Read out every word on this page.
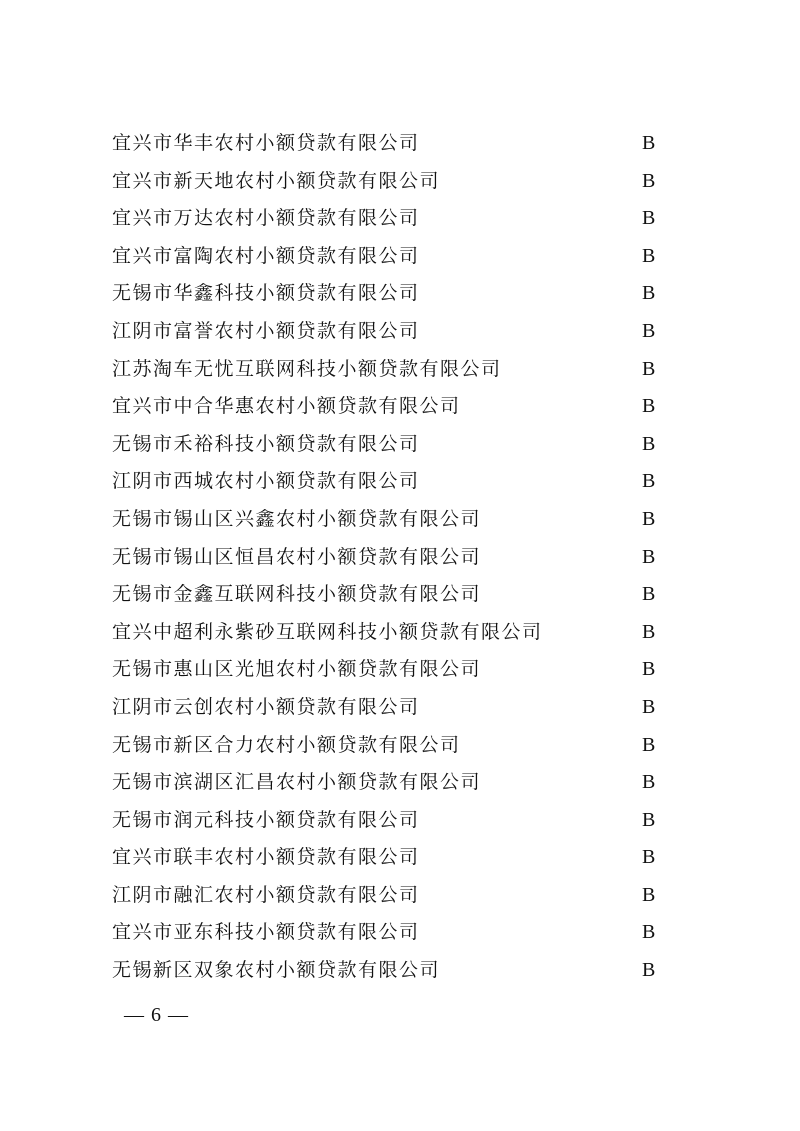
宜兴市华丰农村小额贷款有限公司	B
宜兴市新天地农村小额贷款有限公司	B
宜兴市万达农村小额贷款有限公司	B
宜兴市富陶农村小额贷款有限公司	B
无锡市华鑫科技小额贷款有限公司	B
江阴市富誉农村小额贷款有限公司	B
江苏淘车无忧互联网科技小额贷款有限公司	B
宜兴市中合华惠农村小额贷款有限公司	B
无锡市禾裕科技小额贷款有限公司	B
江阴市西城农村小额贷款有限公司	B
无锡市锡山区兴鑫农村小额贷款有限公司	B
无锡市锡山区恒昌农村小额贷款有限公司	B
无锡市金鑫互联网科技小额贷款有限公司	B
宜兴中超利永紫砂互联网科技小额贷款有限公司	B
无锡市惠山区光旭农村小额贷款有限公司	B
江阴市云创农村小额贷款有限公司	B
无锡市新区合力农村小额贷款有限公司	B
无锡市滨湖区汇昌农村小额贷款有限公司	B
无锡市润元科技小额贷款有限公司	B
宜兴市联丰农村小额贷款有限公司	B
江阴市融汇农村小额贷款有限公司	B
宜兴市亚东科技小额贷款有限公司	B
无锡新区双象农村小额贷款有限公司	B
— 6 —
